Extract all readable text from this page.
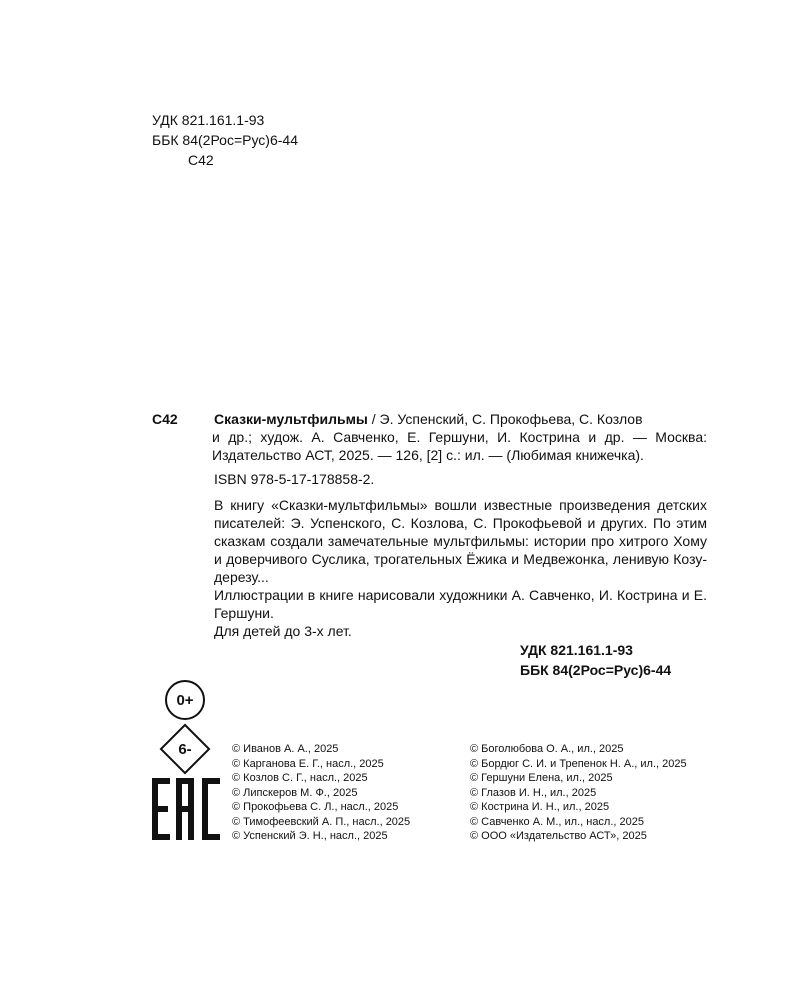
УДК 821.161.1-93
ББК 84(2Рос=Рус)6-44
С42
С42	Сказки-мультфильмы / Э. Успенский, С. Прокофьева, С. Козлов

и др.; худож. А. Савченко, Е. Гершуни, И. Кострина и др. — Москва: Издательство АСТ, 2025. — 126, [2] с.: ил. — (Любимая книжечка).

ISBN 978-5-17-178858-2.

В книгу «Сказки-мультфильмы» вошли известные произведения детских писателей: Э. Успенского, С. Козлова, С. Прокофьевой и других. По этим сказкам создали замечательные мультфильмы: истории про хитрого Хому и доверчивого Суслика, трогательных Ёжика и Медвежонка, ленивую Козу-дерезу...

Иллюстрации в книге нарисовали художники А. Савченко, И. Кострина и Е. Гершуни.

Для детей до 3-х лет.

УДК 821.161.1-93
ББК 84(2Рос=Рус)6-44
0+
6-	© Иванов А. А., 2025
© Карганова Е. Г., насл., 2025
© Козлов С. Г., насл., 2025
© Липскеров М. Ф., 2025
© Прокофьева С. Л., насл., 2025
© Тимофеевский А. П., насл., 2025
© Успенский Э. Н., насл., 2025
© Боголюбова О. А., ил., 2025
© Бордюг С. И. и Трепенок Н. А., ил., 2025
© Гершуни Елена, ил., 2025
© Глазов И. Н., ил., 2025
© Кострина И. Н., ил., 2025
© Савченко А. М., ил., насл., 2025
© ООО «Издательство АСТ», 2025
